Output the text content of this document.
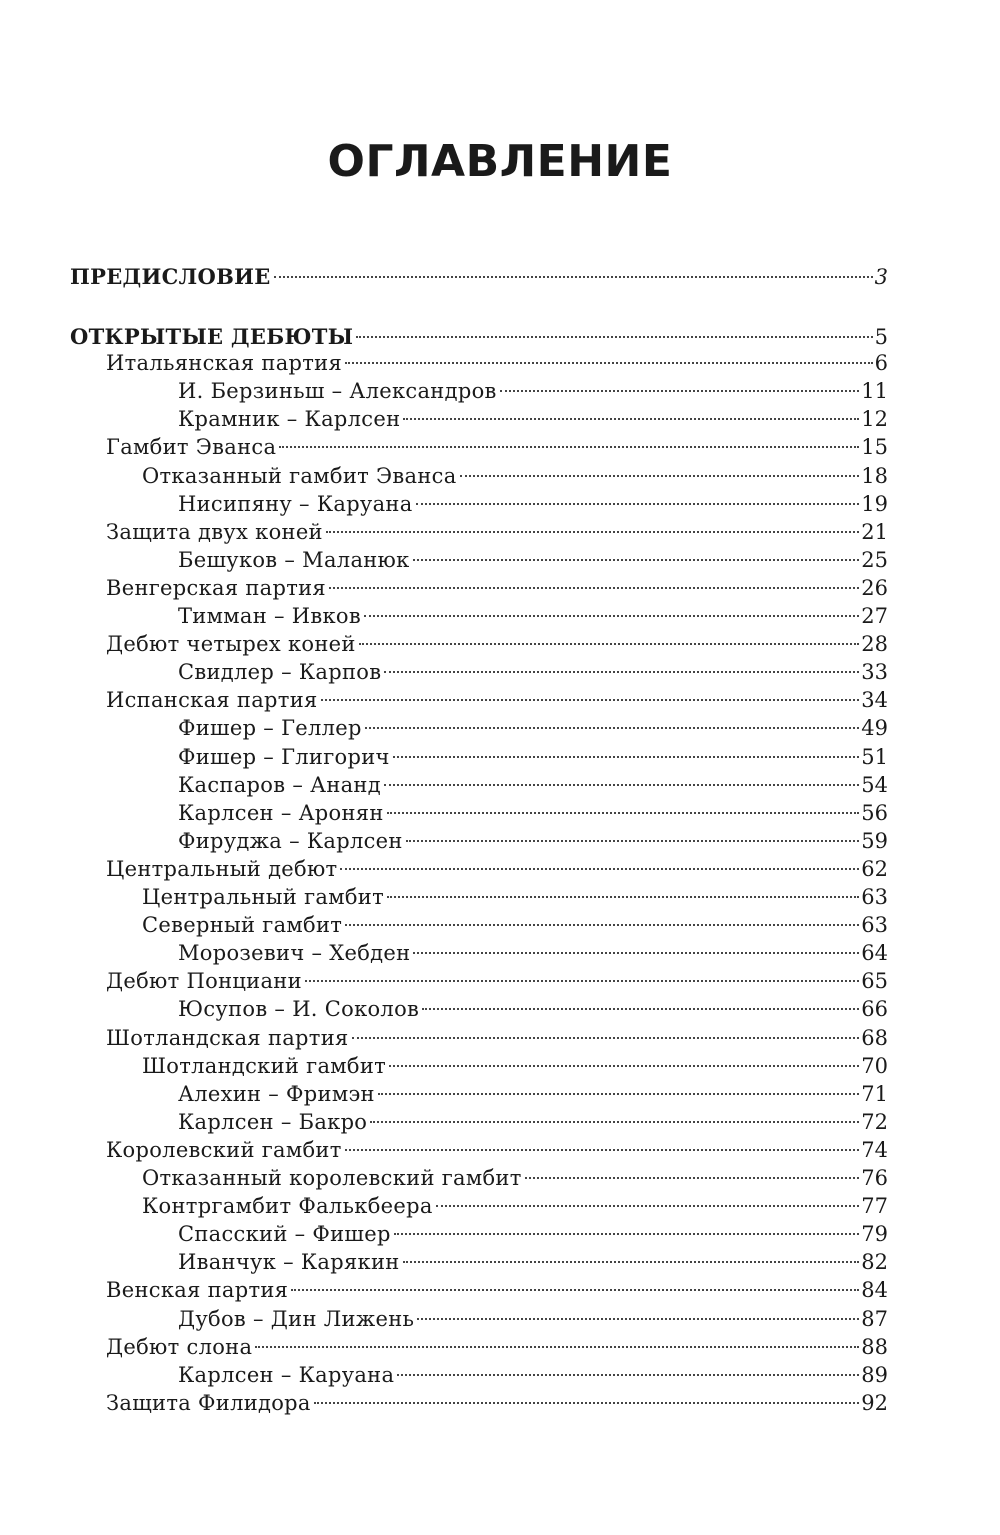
ОГЛАВЛЕНИЕ
ПРЕДИСЛОВИЕ	3
ОТКРЫТЫЕ ДЕБЮТЫ	5
Итальянская партия	6
И. Берзиньш – Александров	11
Крамник – Карлсен	12
Гамбит Эванса	15
Отказанный гамбит Эванса	18
Нисипяну – Каруана	19
Защита двух коней	21
Бешуков – Маланюк	25
Венгерская партия	26
Тимман – Ивков	27
Дебют четырех коней	28
Свидлер – Карпов	33
Испанская партия	34
Фишер – Геллер	49
Фишер – Глигорич	51
Каспаров – Ананд	54
Карлсен – Аронян	56
Фируджа – Карлсен	59
Центральный дебют	62
Центральный гамбит	63
Северный гамбит	63
Морозевич – Хебден	64
Дебют Понциани	65
Юсупов – И. Соколов	66
Шотландская партия	68
Шотландский гамбит	70
Алехин – Фримэн	71
Карлсен – Бакро	72
Королевский гамбит	74
Отказанный королевский гамбит	76
Контргамбит Фалькбеера	77
Спасский – Фишер	79
Иванчук – Карякин	82
Венская партия	84
Дубов – Дин Лижень	87
Дебют слона	88
Карлсен – Каруана	89
Защита Филидора	92
